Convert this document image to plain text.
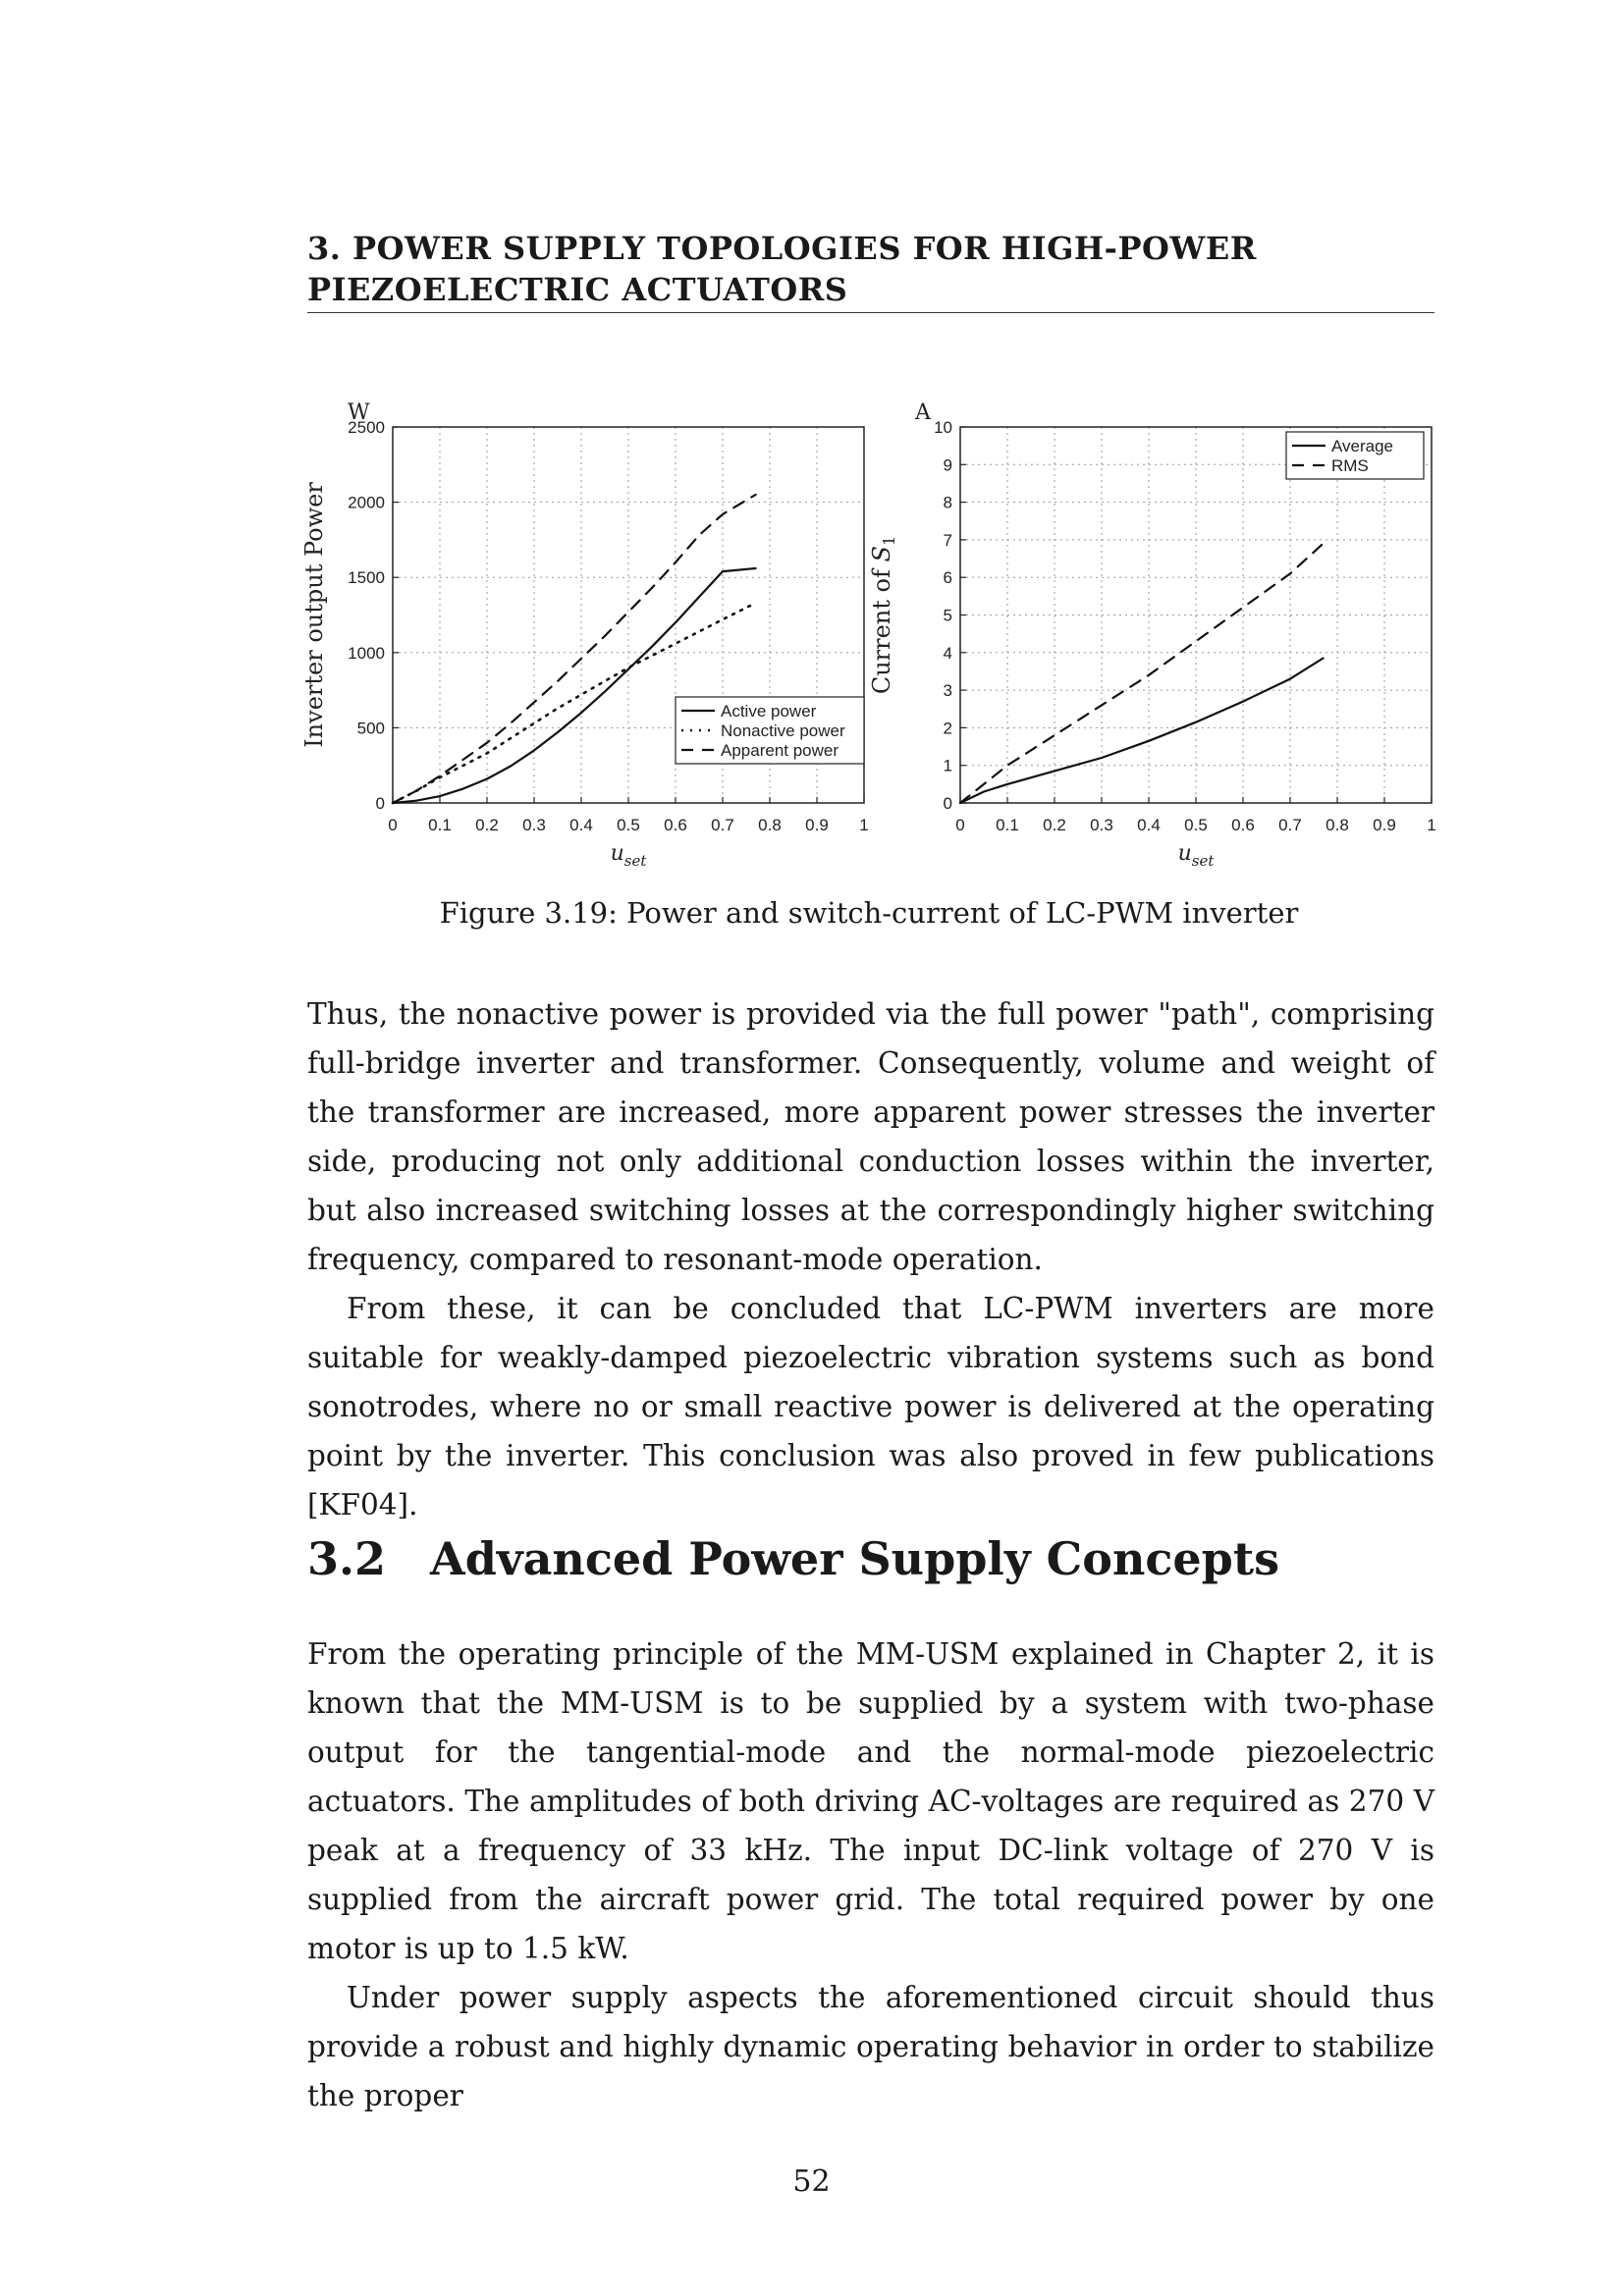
3. POWER SUPPLY TOPOLOGIES FOR HIGH-POWER
PIEZOELECTRIC ACTUATORS
0 0.1 0.2 0.3 0.4 0.5 0.6 0.7 0.8 0.9 1
0
500
1000
1500
2000
2500
W
Inverter output Power
$u_{set}$
Active power
Nonactive power
Apparent power
0 0.1 0.2 0.3 0.4 0.5 0.6 0.7 0.8 0.9 1
0
1
2
3
4
5
6
7
8
9
10
A
Current of $S_1$
$u_{set}$
Average
RMS
Figure 3.19: Power and switch-current of LC-PWM inverter

Thus, the nonactive power is provided via the full power "path", comprising full-bridge inverter and transformer. Consequently, volume and weight of the transformer are increased, more apparent power stresses the inverter side, producing not only additional conduction losses within the inverter, but also increased switching losses at the correspondingly higher switching frequency, compared to resonant-mode operation.

From these, it can be concluded that LC-PWM inverters are more suitable for weakly-damped piezoelectric vibration systems such as bond sonotrodes, where no or small reactive power is delivered at the operating point by the inverter. This conclusion was also proved in few publications [KF04].

3.2 Advanced Power Supply Concepts

From the operating principle of the MM-USM explained in Chapter 2, it is known that the MM-USM is to be supplied by a system with two-phase output for the tangential-mode and the normal-mode piezoelectric actuators. The amplitudes of both driving AC-voltages are required as 270 V peak at a frequency of 33 kHz. The input DC-link voltage of 270 V is supplied from the aircraft power grid. The total required power by one motor is up to 1.5 kW.

Under power supply aspects the aforementioned circuit should thus provide a robust and highly dynamic operating behavior in order to stabilize the proper

52
